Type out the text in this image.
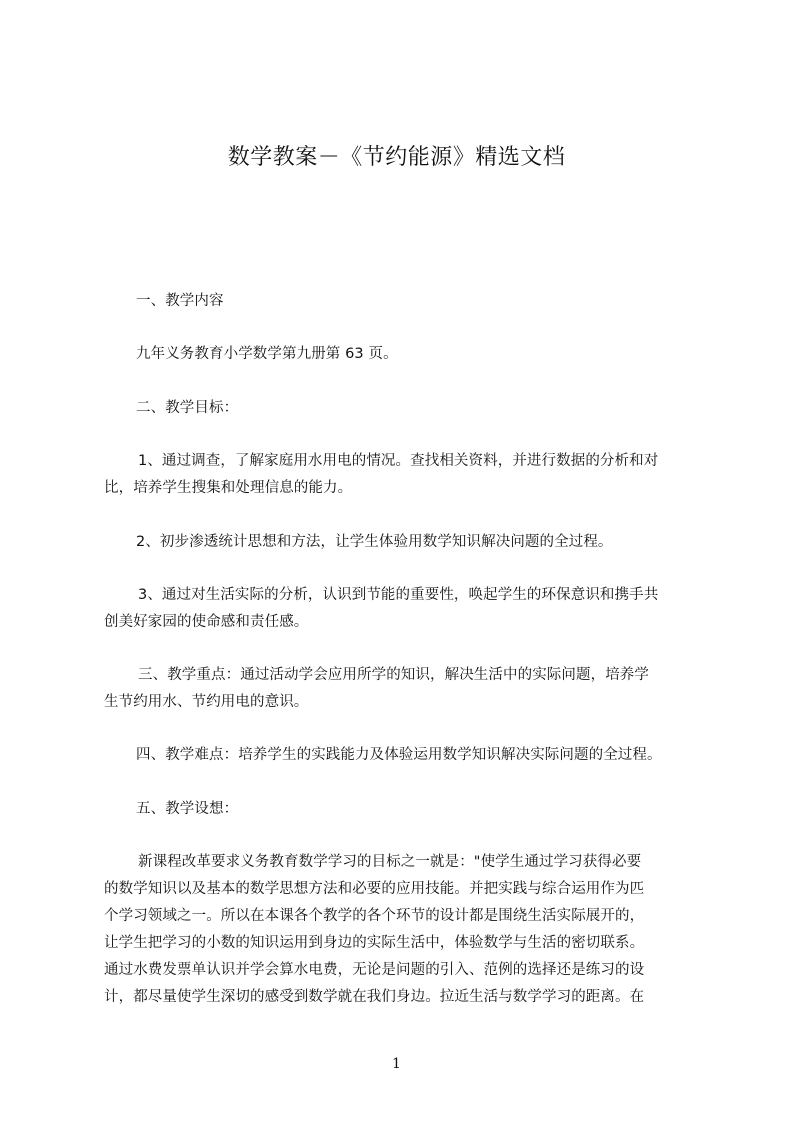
数学教案－《节约能源》精选文档
一、教学内容
九年义务教育小学数学第九册第 63 页。
二、教学目标：
1、通过调查，了解家庭用水用电的情况。查找相关资料，并进行数据的分析和对
比，培养学生搜集和处理信息的能力。
2、初步渗透统计思想和方法，让学生体验用数学知识解决问题的全过程。
3、通过对生活实际的分析，认识到节能的重要性，唤起学生的环保意识和携手共
创美好家园的使命感和责任感。
三、教学重点：通过活动学会应用所学的知识，解决生活中的实际问题，培养学
生节约用水、节约用电的意识。
四、教学难点：培养学生的实践能力及体验运用数学知识解决实际问题的全过程。
五、教学设想：
新课程改革要求义务教育数学学习的目标之一就是："使学生通过学习获得必要
的数学知识以及基本的数学思想方法和必要的应用技能。并把实践与综合运用作为匹
个学习领域之一。所以在本课各个教学的各个环节的设计都是围绕生活实际展开的，
让学生把学习的小数的知识运用到身边的实际生活中，体验数学与生活的密切联系。
通过水费发票单认识并学会算水电费，无论是问题的引入、范例的选择还是练习的设
计，都尽量使学生深切的感受到数学就在我们身边。拉近生活与数学学习的距离。在
1
